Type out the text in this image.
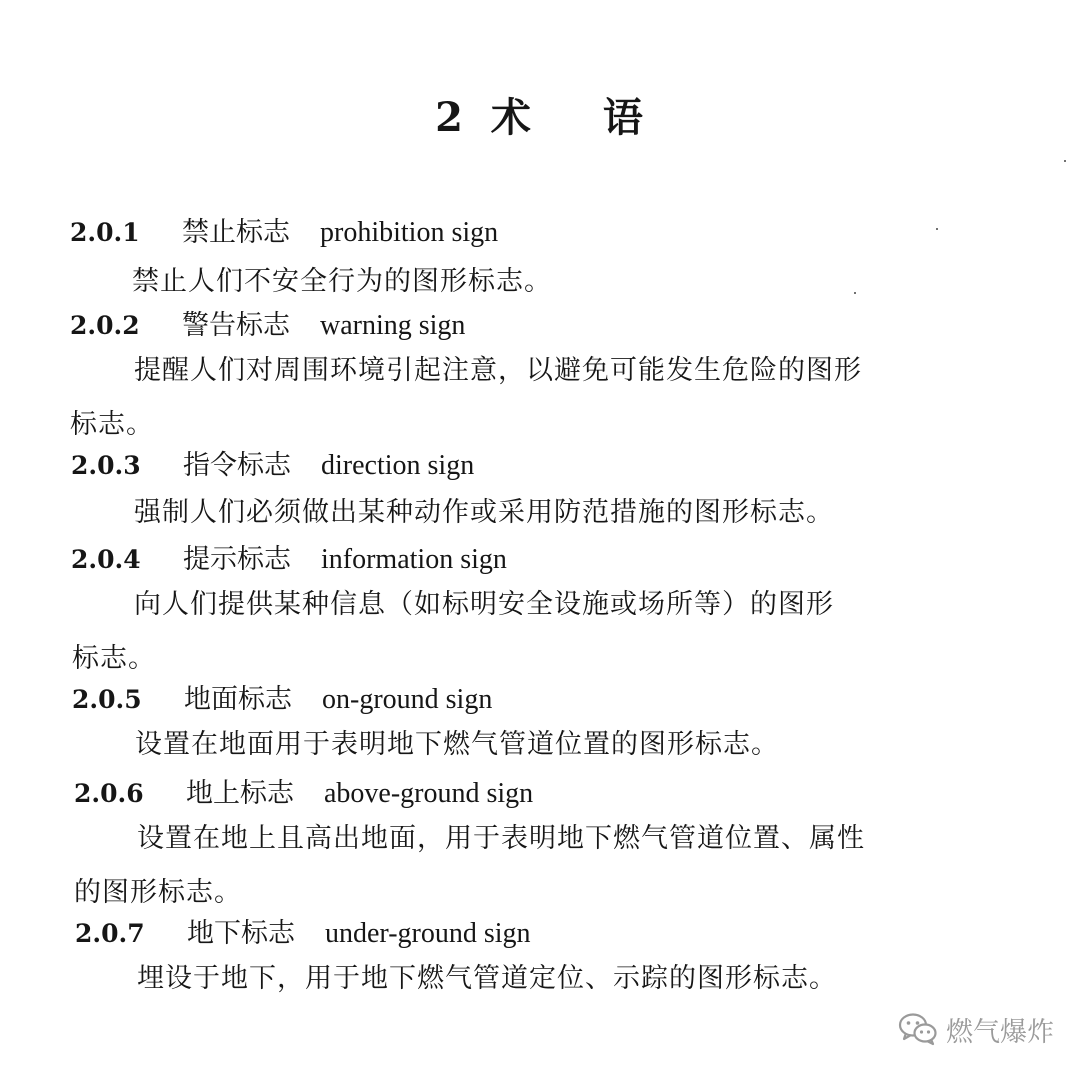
2 术 语
2.0.1 禁止标志 prohibition sign

禁止人们不安全行为的图形标志。

2.0.2 警告标志 warning sign

提醒人们对周围环境引起注意，以避免可能发生危险的图形

标志。

2.0.3 指令标志 direction sign

强制人们必须做出某种动作或采用防范措施的图形标志。

2.0.4 提示标志 information sign

向人们提供某种信息（如标明安全设施或场所等）的图形

标志。

2.0.5 地面标志 on-ground sign

设置在地面用于表明地下燃气管道位置的图形标志。

2.0.6 地上标志 above-ground sign

设置在地上且高出地面，用于表明地下燃气管道位置、属性

的图形标志。

2.0.7 地下标志 under-ground sign

埋设于地下，用于地下燃气管道定位、示踪的图形标志。

燃气爆炸
